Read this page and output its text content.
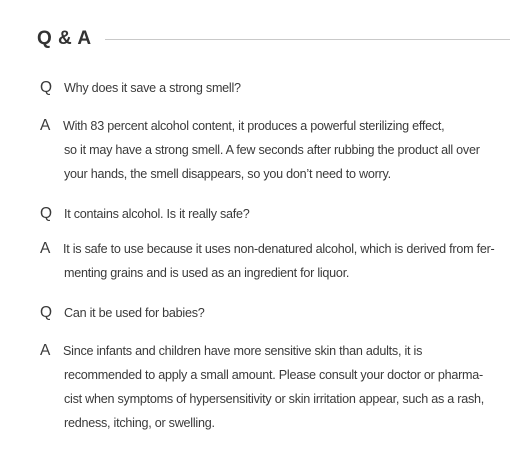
Q & A
Q Why does it save a strong smell?
A	With 83 percent alcohol content, it produces a powerful sterilizing effect,
so it may have a strong smell. A few seconds after rubbing the product all over
your hands, the smell disappears, so you don’t need to worry.
Q It contains alcohol. Is it really safe?
A	It is safe to use because it uses non-denatured alcohol, which is derived from fer-
menting grains and is used as an ingredient for liquor.
Q Can it be used for babies?
A	Since infants and children have more sensitive skin than adults, it is
recommended to apply a small amount. Please consult your doctor or pharma-
cist when symptoms of hypersensitivity or skin irritation appear, such as a rash,
redness, itching, or swelling.
